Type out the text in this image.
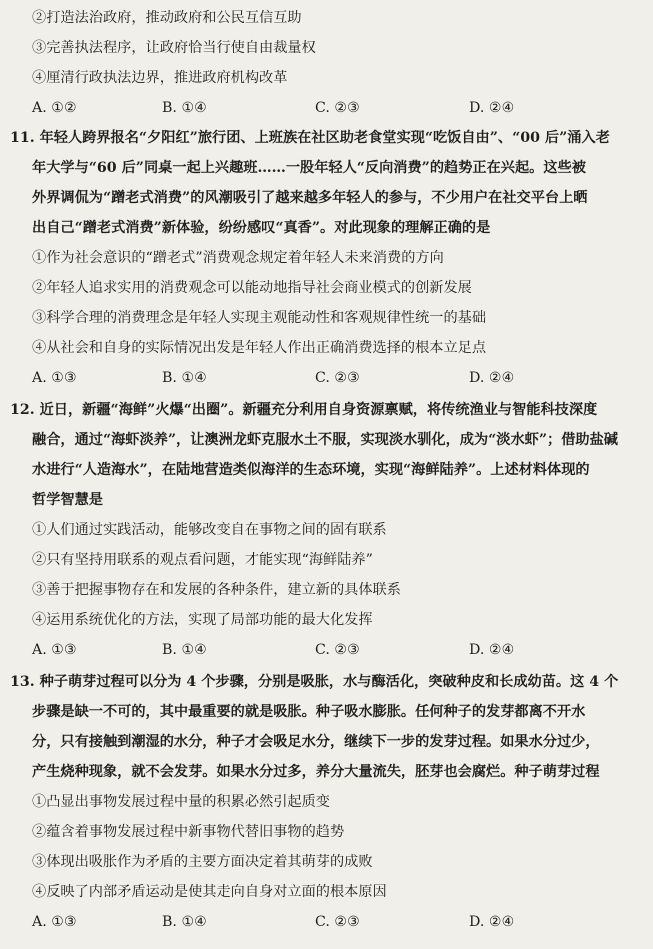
②打造法治政府，推动政府和公民互信互助
③完善执法程序，让政府恰当行使自由裁量权
④厘清行政执法边界，推进政府机构改革
A. ①②	B. ①④	C. ②③	D. ②④
11. 年轻人跨界报名“夕阳红”旅行团、上班族在社区助老食堂实现“吃饭自由”、“00 后”涌入老
年大学与“60 后”同桌一起上兴趣班……一股年轻人“反向消费”的趋势正在兴起。这些被
外界调侃为“蹭老式消费”的风潮吸引了越来越多年轻人的参与，不少用户在社交平台上晒
出自己“蹭老式消费”新体验，纷纷感叹“真香”。对此现象的理解正确的是
①作为社会意识的“蹭老式”消费观念规定着年轻人未来消费的方向
②年轻人追求实用的消费观念可以能动地指导社会商业模式的创新发展
③科学合理的消费理念是年轻人实现主观能动性和客观规律性统一的基础
④从社会和自身的实际情况出发是年轻人作出正确消费选择的根本立足点
A. ①③	B. ①④	C. ②③	D. ②④
12. 近日，新疆“海鲜”火爆“出圈”。新疆充分利用自身资源禀赋，将传统渔业与智能科技深度
融合，通过“海虾淡养”，让澳洲龙虾克服水土不服，实现淡水驯化，成为“淡水虾”；借助盐碱
水进行“人造海水”，在陆地营造类似海洋的生态环境，实现“海鲜陆养”。上述材料体现的
哲学智慧是
①人们通过实践活动，能够改变自在事物之间的固有联系
②只有坚持用联系的观点看问题，才能实现“海鲜陆养”
③善于把握事物存在和发展的各种条件，建立新的具体联系
④运用系统优化的方法，实现了局部功能的最大化发挥
A. ①③	B. ①④	C. ②③	D. ②④
13. 种子萌芽过程可以分为 4 个步骤，分别是吸胀，水与酶活化，突破种皮和长成幼苗。这 4 个
步骤是缺一不可的，其中最重要的就是吸胀。种子吸水膨胀。任何种子的发芽都离不开水
分，只有接触到潮湿的水分，种子才会吸足水分，继续下一步的发芽过程。如果水分过少，
产生烧种现象，就不会发芽。如果水分过多，养分大量流失，胚芽也会腐烂。种子萌芽过程
①凸显出事物发展过程中量的积累必然引起质变
②蕴含着事物发展过程中新事物代替旧事物的趋势
③体现出吸胀作为矛盾的主要方面决定着其萌芽的成败
④反映了内部矛盾运动是使其走向自身对立面的根本原因
A. ①③	B. ①④	C. ②③	D. ②④
